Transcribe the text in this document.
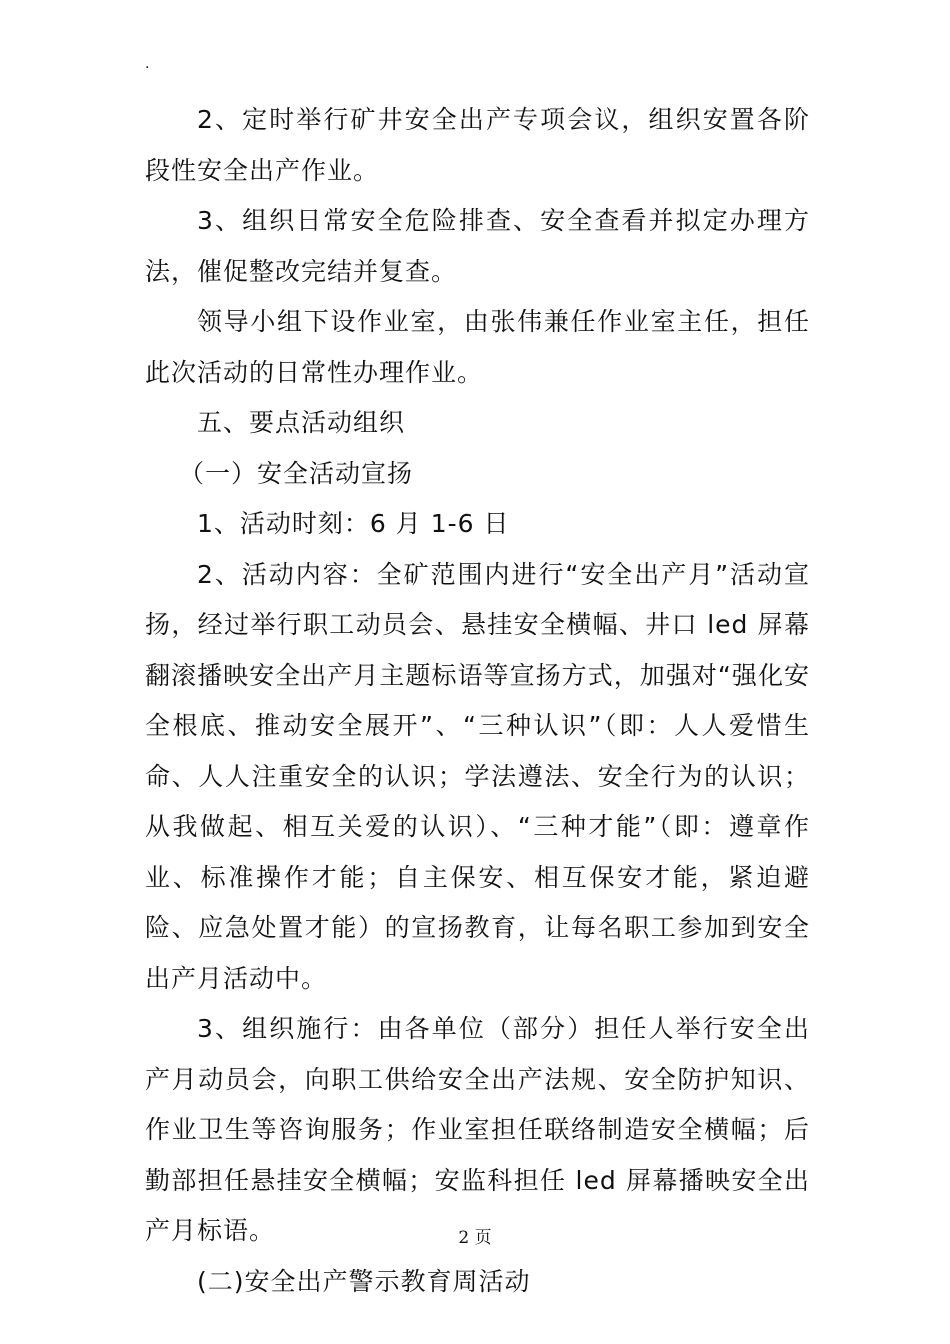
.

2、定时举行矿井安全出产专项会议，组织安置各阶段性安全出产作业。

3、组织日常安全危险排查、安全查看并拟定办理方法，催促整改完结并复查。

领导小组下设作业室，由张伟兼任作业室主任，担任此次活动的日常性办理作业。

五、要点活动组织

（一）安全活动宣扬

1、活动时刻：6 月 1-6 日

2、活动内容：全矿范围内进行“安全出产月”活动宣扬，经过举行职工动员会、悬挂安全横幅、井口 led 屏幕翻滚播映安全出产月主题标语等宣扬方式，加强对“强化安全根底、推动安全展开”、“三种认识”（即：人人爱惜生命、人人注重安全的认识；学法遵法、安全行为的认识；从我做起、相互关爱的认识）、“三种才能”（即：遵章作业、标准操作才能；自主保安、相互保安才能，紧迫避险、应急处置才能）的宣扬教育，让每名职工参加到安全出产月活动中。

3、组织施行：由各单位（部分）担任人举行安全出产月动员会，向职工供给安全出产法规、安全防护知识、作业卫生等咨询服务；作业室担任联络制造安全横幅；后勤部担任悬挂安全横幅；安监科担任 led 屏幕播映安全出产月标语。

(二)安全出产警示教育周活动

2 页
